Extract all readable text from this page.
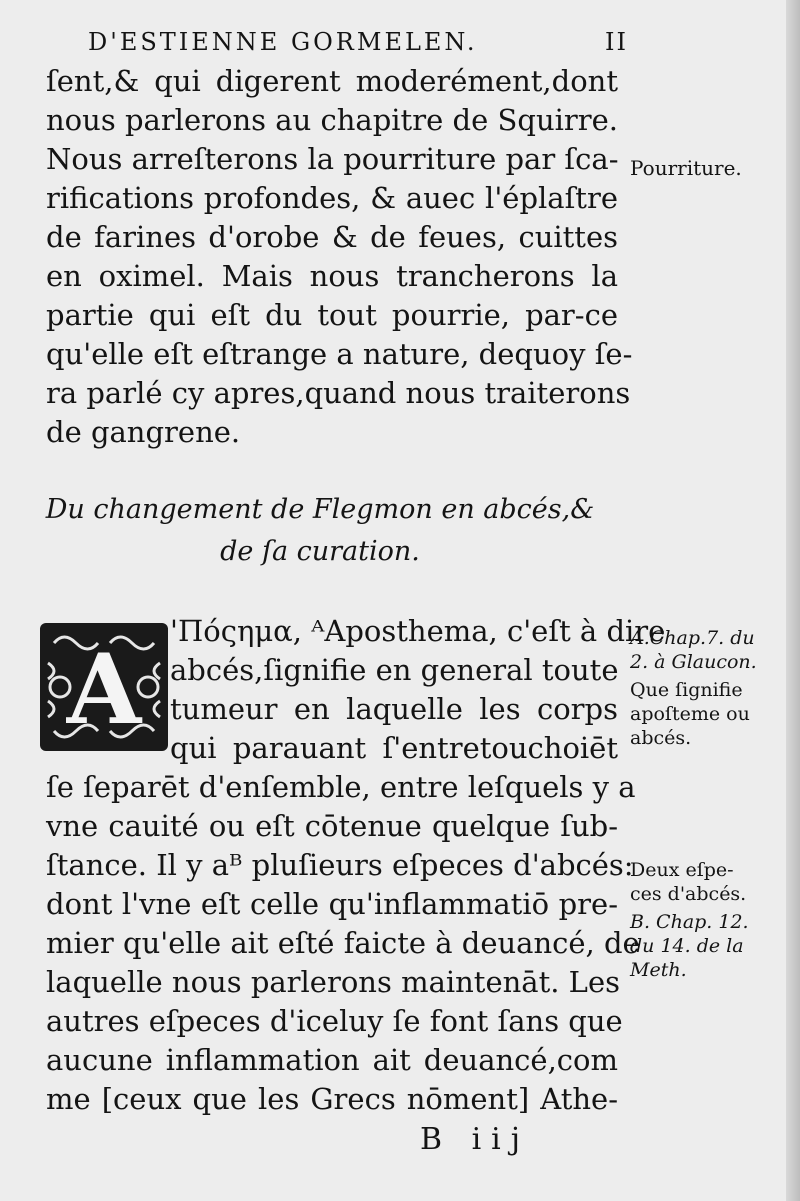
D'ESTIENNE GORMELEN.	II
ſent,& qui digerent moderément,dont
nous parlerons au chapitre de Squirre.
Nous arreſterons la pourriture par ſca-
rifications profondes, & auec l'éplaſtre
de farines d'orobe & de feues, cuittes
en oximel. Mais nous trancherons la
partie qui eſt du tout pourrie, par-ce
qu'elle eſt eſtrange a nature, dequoy ſe-
ra parlé cy apres,quand nous traiterons
de gangrene.
Du changement de Flegmon en abcés,&
de ſa curation.
A
'Πόςημα, ᴬAposthema, c'eſt à dire
abcés,ſignifie en general toute
tumeur en laquelle les corps
qui parauant ſ'entretouchoiēt
ſe ſeparēt d'enſemble, entre leſquels y a
vne cauité ou eſt cōtenue quelque ſub-
ſtance. Il y aᴮ pluſieurs eſpeces d'abcés:
dont l'vne eſt celle qu'inflammatiō pre-
mier qu'elle ait eſté faicte à deuancé, de
laquelle nous parlerons maintenāt. Les
autres eſpeces d'iceluy ſe font ſans que
aucune inflammation ait deuancé,com
me [ceux que les Grecs nōment] Athe-
Pourriture.
A.Chap.7. du
2. à Glaucon.
Que ſignifie
apoſteme ou
abcés.
Deux eſpe-
ces d'abcés.
B. Chap. 12.
du 14. de la
Meth.
B iij
